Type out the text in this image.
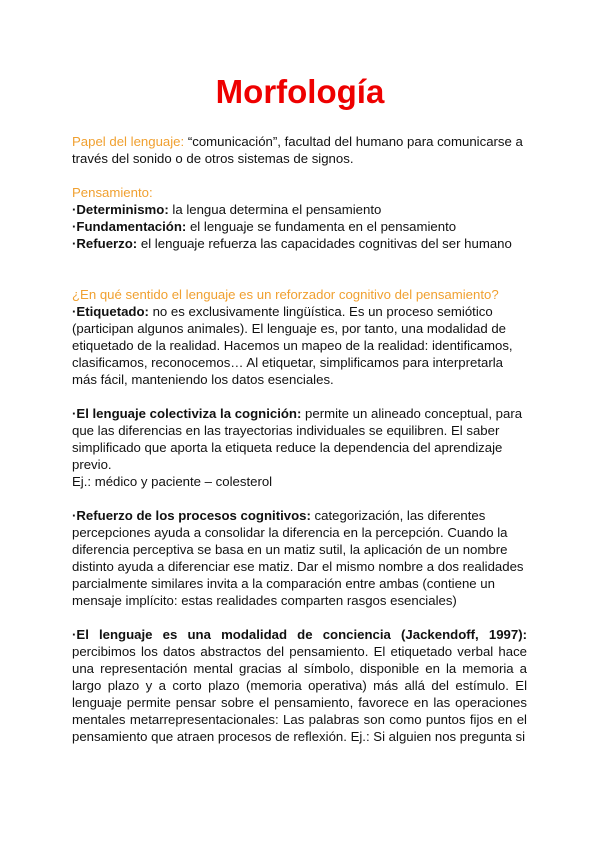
Morfología

Papel del lenguaje: “comunicación”, facultad del humano para comunicarse a través del sonido o de otros sistemas de signos.

Pensamiento:

·Determinismo: la lengua determina el pensamiento

·Fundamentación: el lenguaje se fundamenta en el pensamiento

·Refuerzo: el lenguaje refuerza las capacidades cognitivas del ser humano

¿En qué sentido el lenguaje es un reforzador cognitivo del pensamiento?

·Etiquetado: no es exclusivamente lingüística. Es un proceso semiótico (participan algunos animales). El lenguaje es, por tanto, una modalidad de etiquetado de la realidad. Hacemos un mapeo de la realidad: identificamos, clasificamos, reconocemos… Al etiquetar, simplificamos para interpretarla más fácil, manteniendo los datos esenciales.

·El lenguaje colectiviza la cognición: permite un alineado conceptual, para que las diferencias en las trayectorias individuales se equilibren. El saber simplificado que aporta la etiqueta reduce la dependencia del aprendizaje previo.

Ej.: médico y paciente – colesterol

·Refuerzo de los procesos cognitivos: categorización, las diferentes percepciones ayuda a consolidar la diferencia en la percepción. Cuando la diferencia perceptiva se basa en un matiz sutil, la aplicación de un nombre distinto ayuda a diferenciar ese matiz. Dar el mismo nombre a dos realidades parcialmente similares invita a la comparación entre ambas (contiene un mensaje implícito: estas realidades comparten rasgos esenciales)

·El lenguaje es una modalidad de conciencia (Jackendoff, 1997): percibimos los datos abstractos del pensamiento. El etiquetado verbal hace una representación mental gracias al símbolo, disponible en la memoria a largo plazo y a corto plazo (memoria operativa) más allá del estímulo. El lenguaje permite pensar sobre el pensamiento, favorece en las operaciones mentales metarrepresentacionales: Las palabras son como puntos fijos en el pensamiento que atraen procesos de reflexión. Ej.: Si alguien nos pregunta si
